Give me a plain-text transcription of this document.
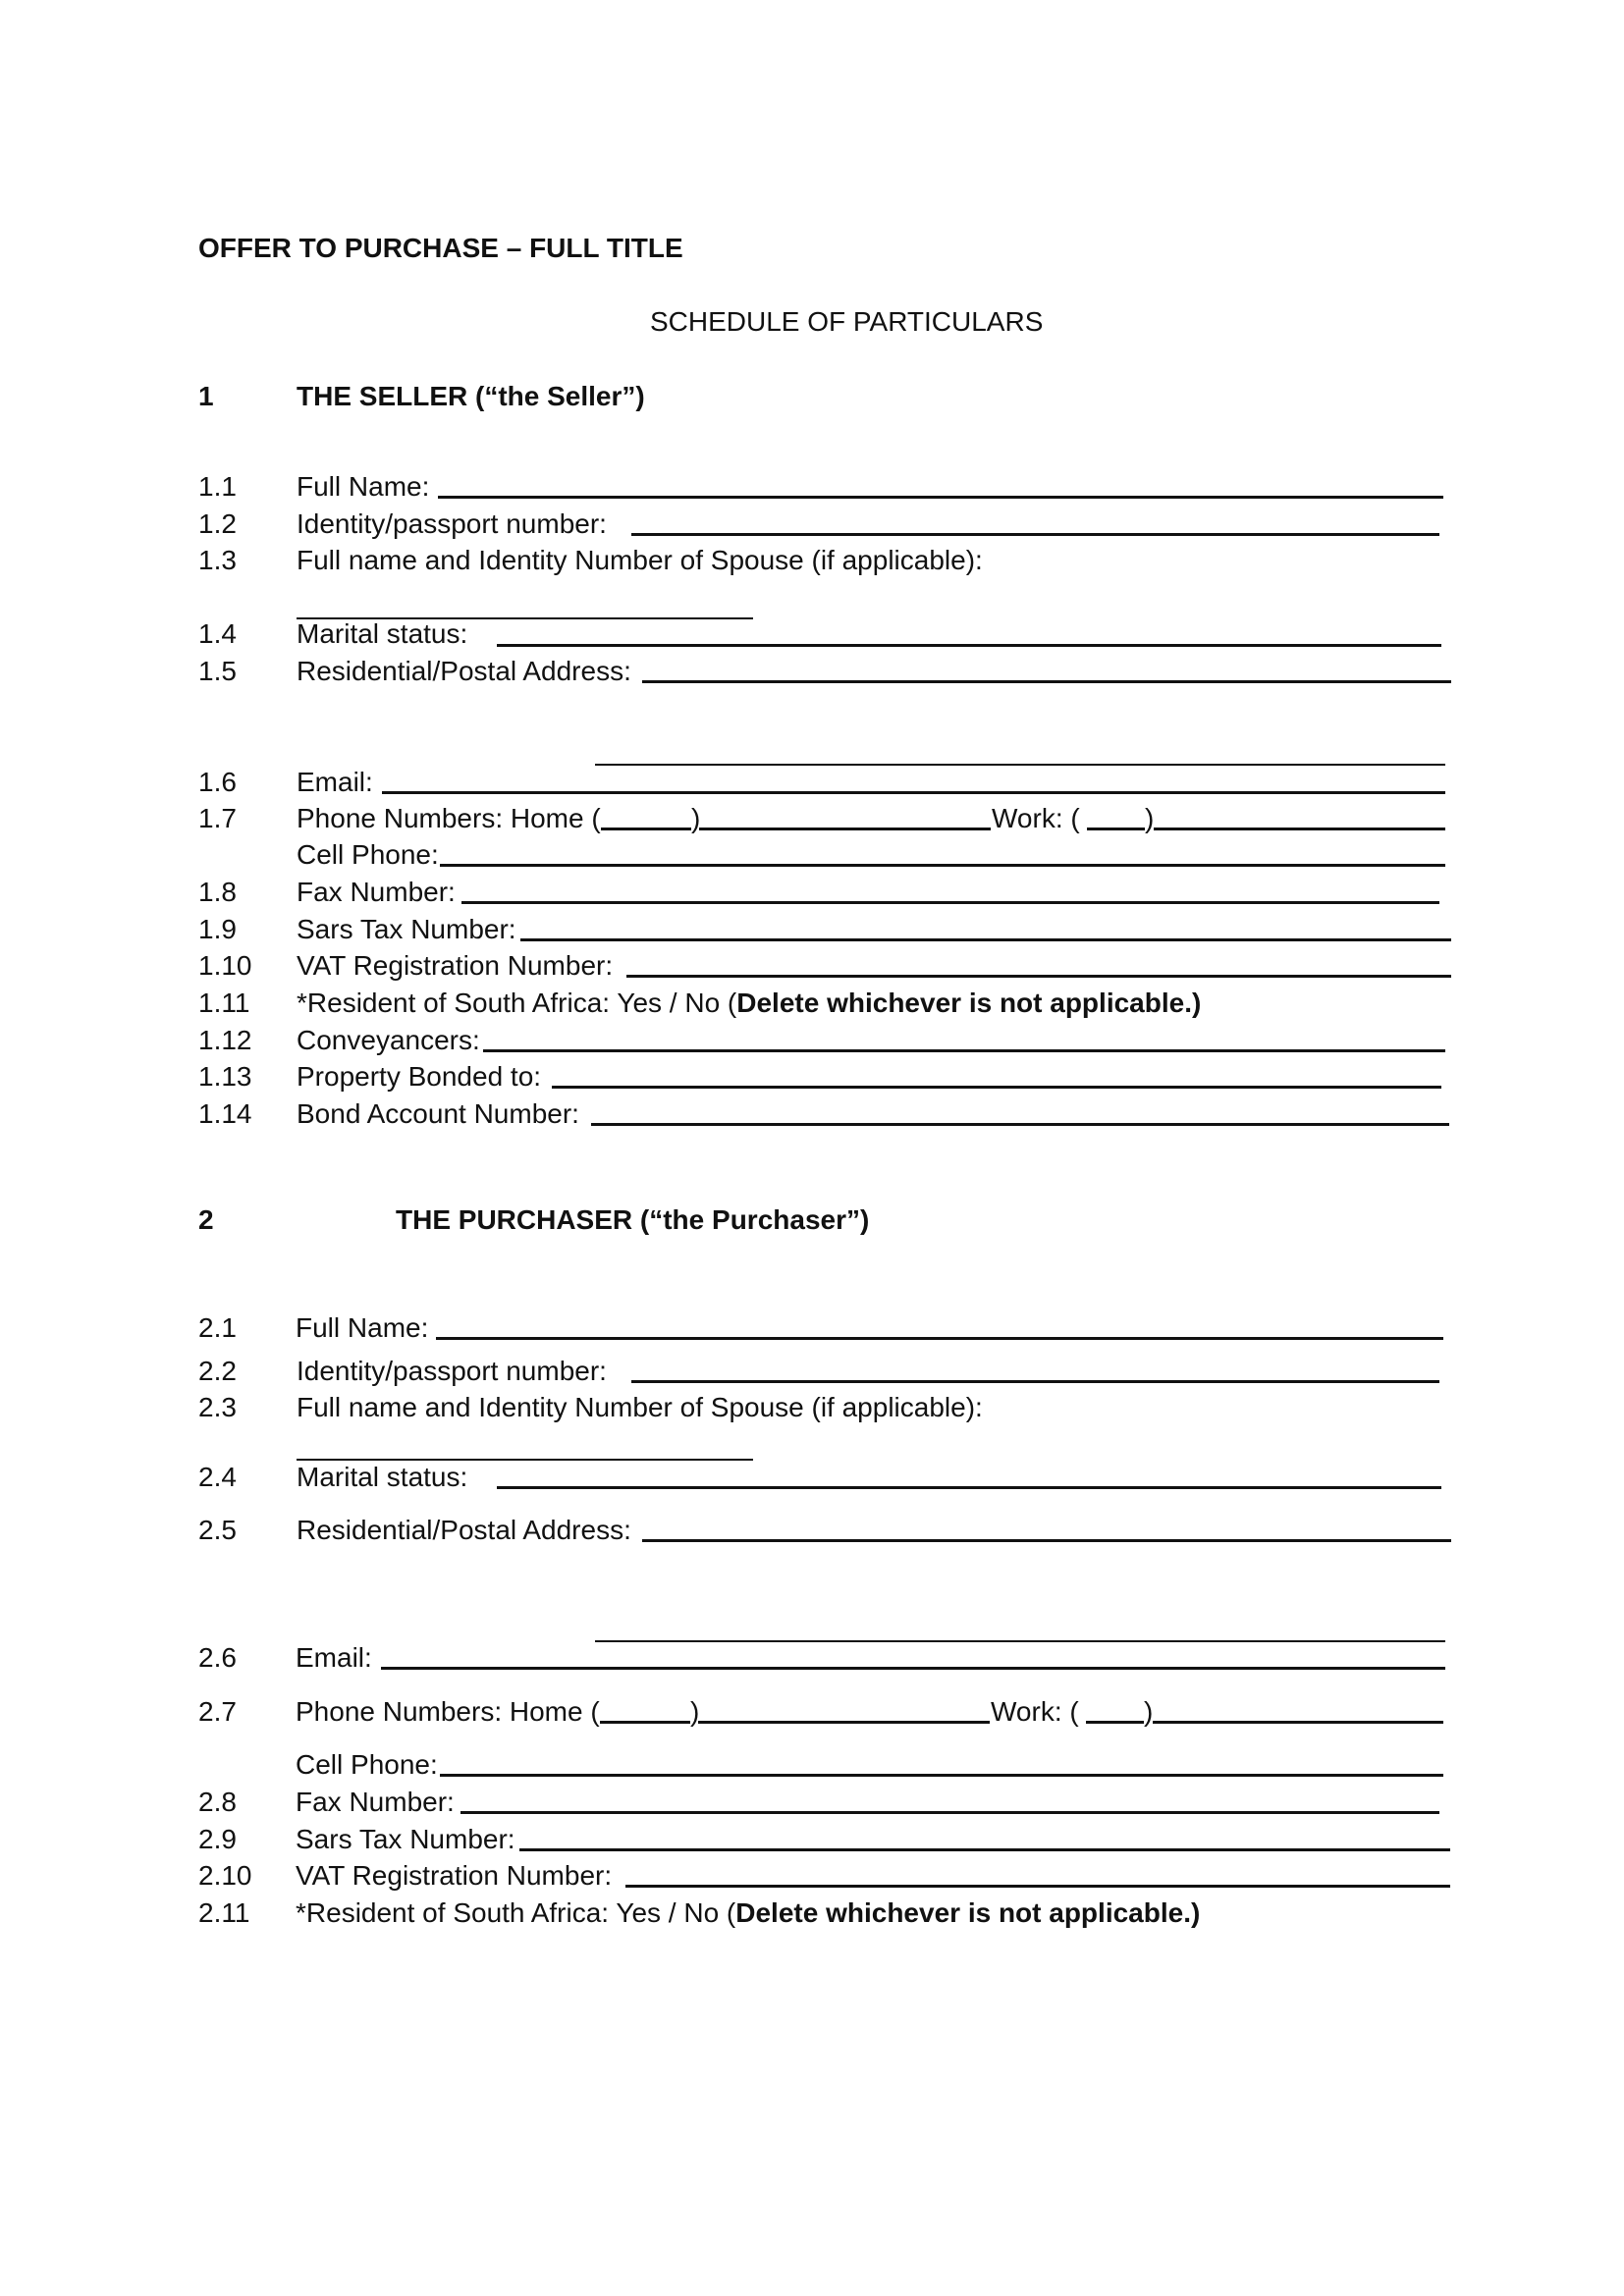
OFFER TO PURCHASE – FULL TITLE
SCHEDULE OF PARTICULARS
1	THE SELLER (“the Seller”)
1.1 Full Name:
1.2 Identity/passport number:
1.3 Full name and Identity Number of Spouse (if applicable):
1.4 Marital status:
1.5 Residential/Postal Address:
1.6 Email:
1.7 Phone Numbers: Home (	)	Work: ( )
Cell Phone:
1.8 Fax Number:
1.9 Sars Tax Number:
1.10 VAT Registration Number:
1.11 *Resident of South Africa: Yes / No (Delete whichever is not applicable.)
1.12 Conveyancers:
1.13 Property Bonded to:
1.14 Bond Account Number:
2	THE PURCHASER (“the Purchaser”)
2.1 Full Name:
2.2 Identity/passport number:
2.3 Full name and Identity Number of Spouse (if applicable):
2.4 Marital status:
2.5 Residential/Postal Address:
2.6 Email:
2.7 Phone Numbers: Home (	)	Work: ( )
Cell Phone:
2.8 Fax Number:
2.9 Sars Tax Number:
2.10 VAT Registration Number:
2.11 *Resident of South Africa: Yes / No (Delete whichever is not applicable.)
